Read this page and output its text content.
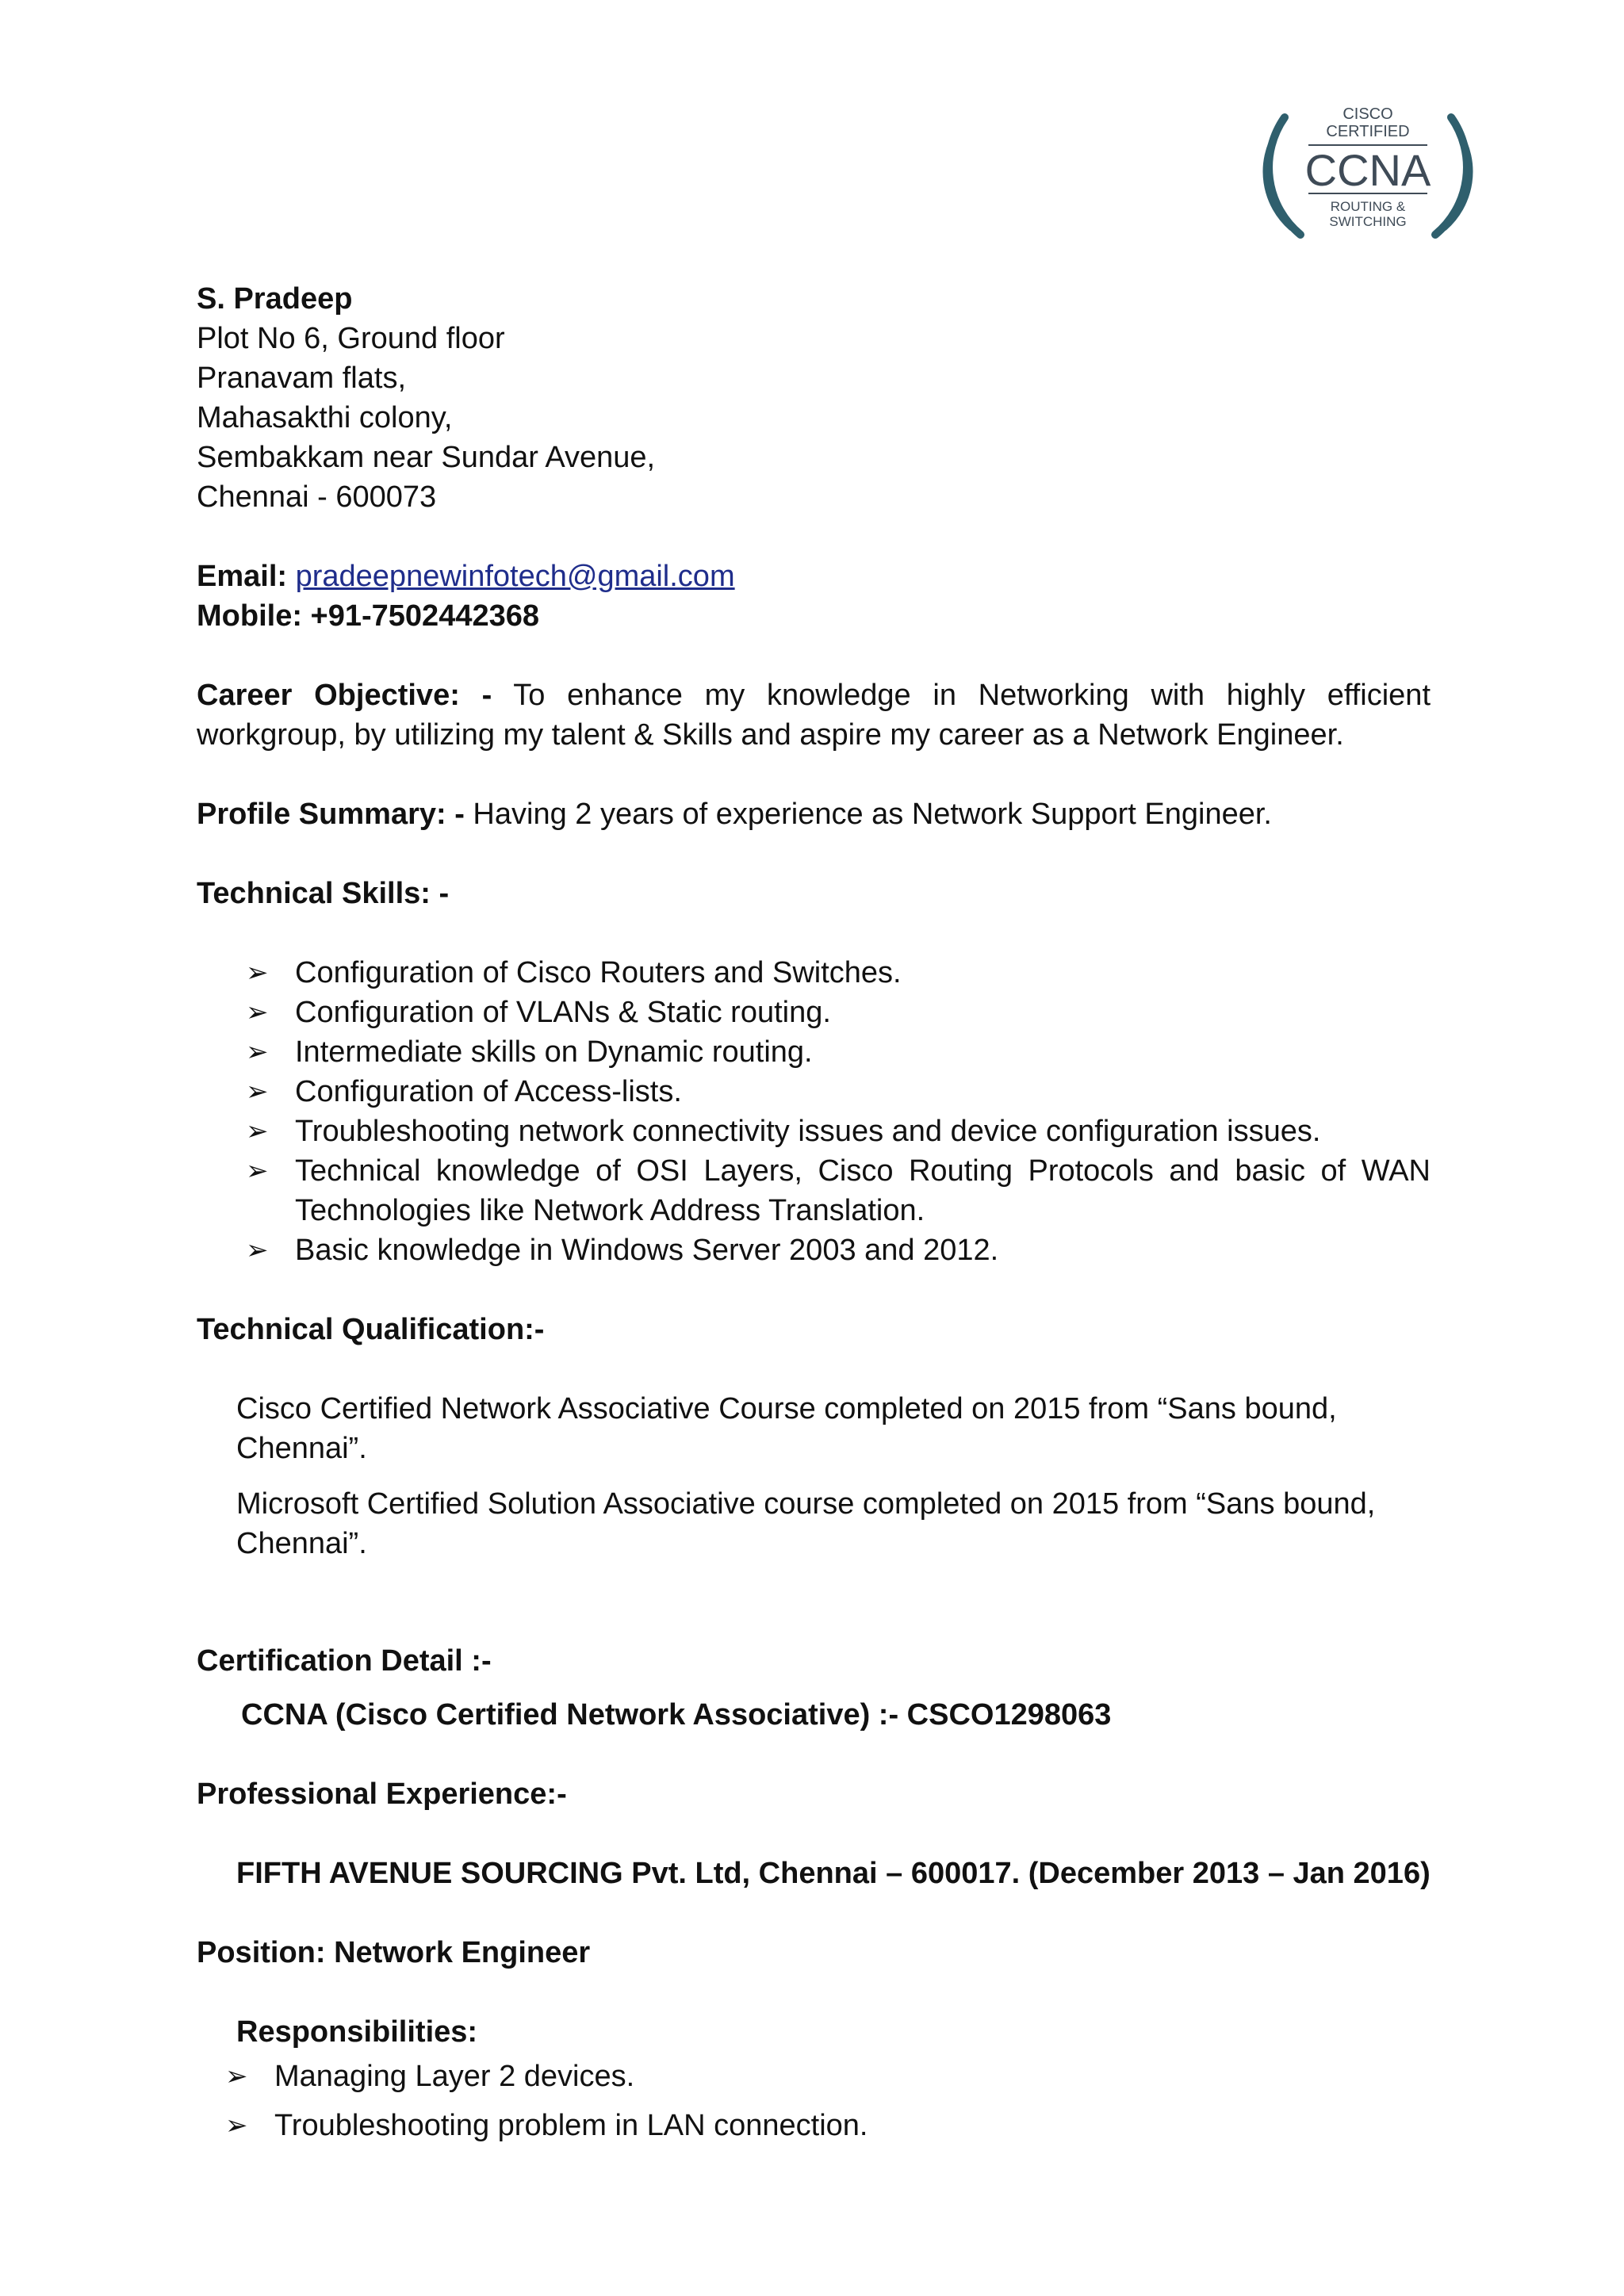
CISCO
CERTIFIED
CCNA
ROUTING &
SWITCHING
S. Pradeep
Plot No 6, Ground floor
Pranavam flats,
Mahasakthi colony,
Sembakkam near Sundar Avenue,
Chennai - 600073
Email: pradeepnewinfotech@gmail.com
Mobile: +91-7502442368
Career Objective: - To enhance my knowledge in Networking with highly efficient workgroup, by utilizing my talent & Skills and aspire my career as a Network Engineer.
Profile Summary: - Having 2 years of experience as Network Support Engineer.
Technical Skills: -
➢ Configuration of Cisco Routers and Switches.
➢ Configuration of VLANs & Static routing.
➢ Intermediate skills on Dynamic routing.
➢ Configuration of Access-lists.
➢ Troubleshooting network connectivity issues and device configuration issues.
➢ Technical knowledge of OSI Layers, Cisco Routing Protocols and basic of WAN Technologies like Network Address Translation.
➢ Basic knowledge in Windows Server 2003 and 2012.
Technical Qualification:-

Cisco Certified Network Associative Course completed on 2015 from “Sans bound, Chennai”.

Microsoft Certified Solution Associative course completed on 2015 from “Sans bound, Chennai”.

Certification Detail :-
CCNA (Cisco Certified Network Associative) :- CSCO1298063
Professional Experience:-
FIFTH AVENUE SOURCING Pvt. Ltd, Chennai – 600017. (December 2013 – Jan 2016)
Position: Network Engineer
Responsibilities:
➢ Managing Layer 2 devices.
➢ Troubleshooting problem in LAN connection.
